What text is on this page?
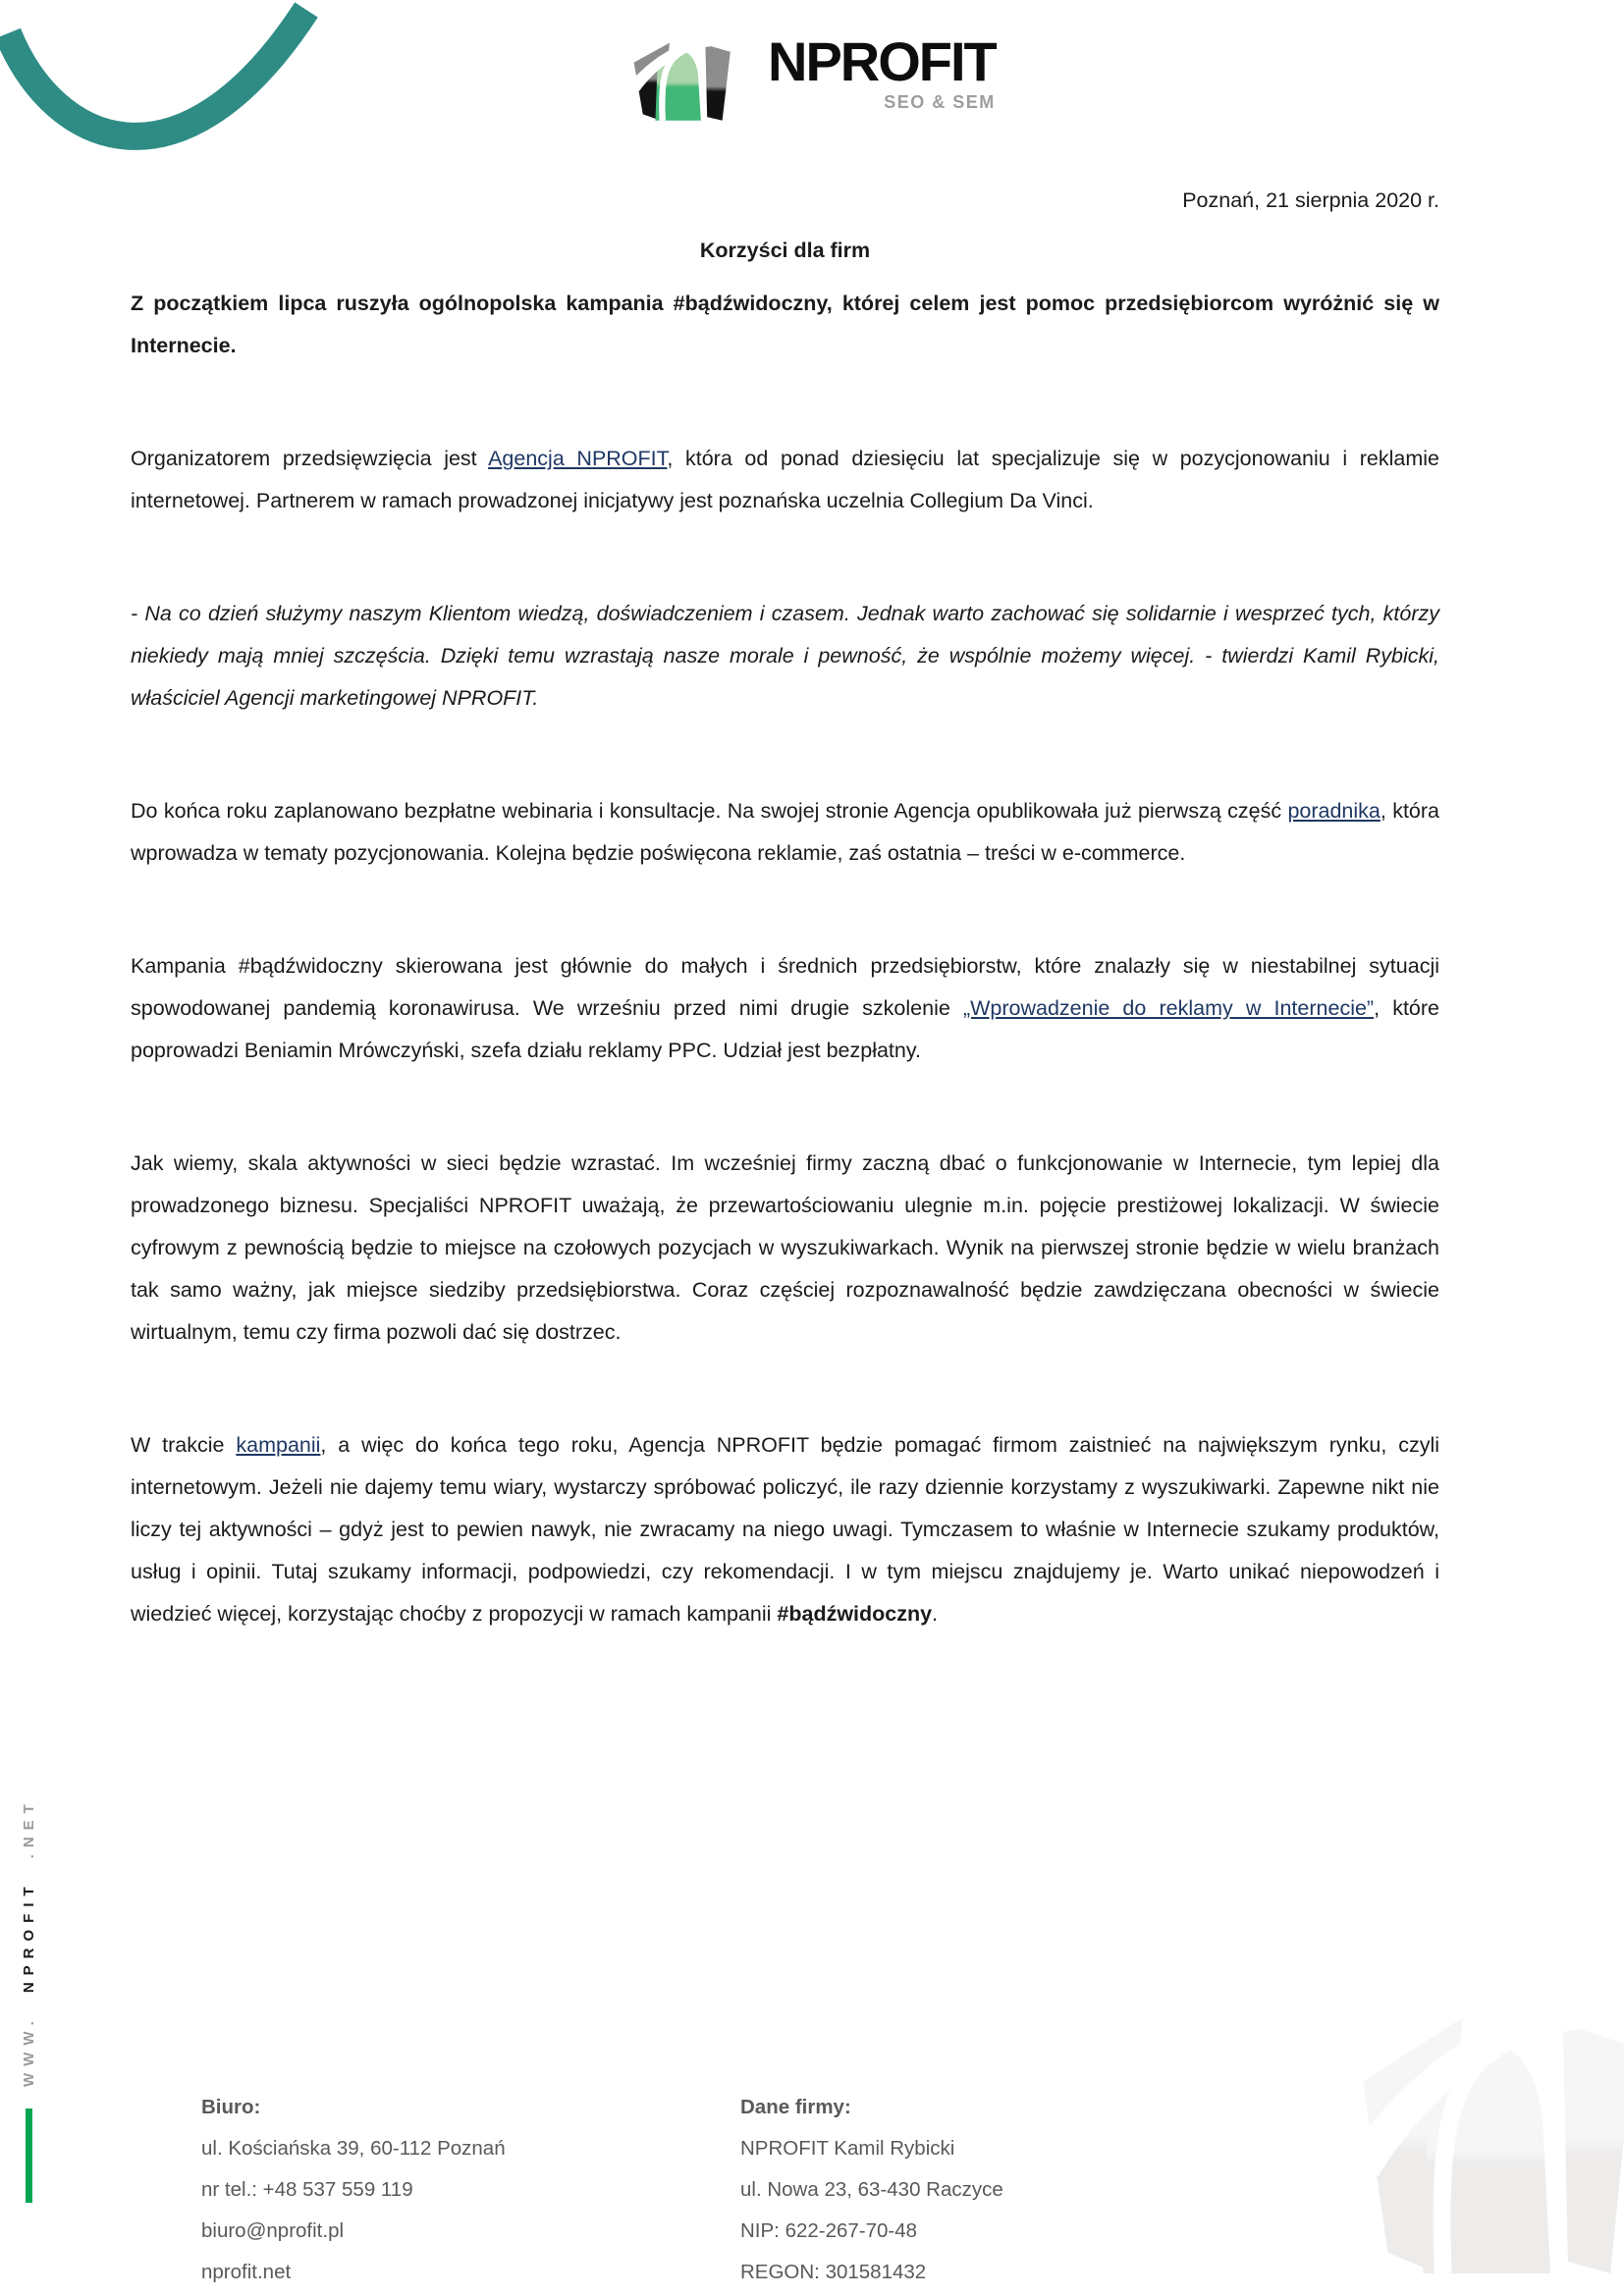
NPROFIT
SEO & SEM

Poznań, 21 sierpnia 2020 r.

Korzyści dla firm

Z początkiem lipca ruszyła ogólnopolska kampania #bądźwidoczny, której celem jest pomoc przedsiębiorcom wyróżnić się w Internecie.

Organizatorem przedsięwzięcia jest Agencja NPROFIT, która od ponad dziesięciu lat specjalizuje się w pozycjonowaniu i reklamie internetowej. Partnerem w ramach prowadzonej inicjatywy jest poznańska uczelnia Collegium Da Vinci.

- Na co dzień służymy naszym Klientom wiedzą, doświadczeniem i czasem. Jednak warto zachować się solidarnie i wesprzeć tych, którzy niekiedy mają mniej szczęścia. Dzięki temu wzrastają nasze morale i pewność, że wspólnie możemy więcej. - twierdzi Kamil Rybicki, właściciel Agencji marketingowej NPROFIT.

Do końca roku zaplanowano bezpłatne webinaria i konsultacje. Na swojej stronie Agencja opublikowała już pierwszą część poradnika, która wprowadza w tematy pozycjonowania. Kolejna będzie poświęcona reklamie, zaś ostatnia – treści w e-commerce.

Kampania #bądźwidoczny skierowana jest głównie do małych i średnich przedsiębiorstw, które znalazły się w niestabilnej sytuacji spowodowanej pandemią koronawirusa. We wrześniu przed nimi drugie szkolenie „Wprowadzenie do reklamy w Internecie”, które poprowadzi Beniamin Mrówczyński, szefa działu reklamy PPC. Udział jest bezpłatny.

Jak wiemy, skala aktywności w sieci będzie wzrastać. Im wcześniej firmy zaczną dbać o funkcjonowanie w Internecie, tym lepiej dla prowadzonego biznesu. Specjaliści NPROFIT uważają, że przewartościowaniu ulegnie m.in. pojęcie prestiżowej lokalizacji. W świecie cyfrowym z pewnością będzie to miejsce na czołowych pozycjach w wyszukiwarkach. Wynik na pierwszej stronie będzie w wielu branżach tak samo ważny, jak miejsce siedziby przedsiębiorstwa. Coraz częściej rozpoznawalność będzie zawdzięczana obecności w świecie wirtualnym, temu czy firma pozwoli dać się dostrzec.

W trakcie kampanii, a więc do końca tego roku, Agencja NPROFIT będzie pomagać firmom zaistnieć na największym rynku, czyli internetowym. Jeżeli nie dajemy temu wiary, wystarczy spróbować policzyć, ile razy dziennie korzystamy z wyszukiwarki. Zapewne nikt nie liczy tej aktywności – gdyż jest to pewien nawyk, nie zwracamy na niego uwagi. Tymczasem to właśnie w Internecie szukamy produktów, usług i opinii. Tutaj szukamy informacji, podpowiedzi, czy rekomendacji. I w tym miejscu znajdujemy je. Warto unikać niepowodzeń i wiedzieć więcej, korzystając choćby z propozycji w ramach kampanii #bądźwidoczny.

Biuro:
ul. Kościańska 39, 60-112 Poznań
nr tel.: +48 537 559 119
biuro@nprofit.pl
nprofit.net
Dane firmy:
NPROFIT Kamil Rybicki
ul. Nowa 23, 63-430 Raczyce
NIP: 622-267-70-48
REGON: 301581432
WWW.
NPROFIT
.NET
